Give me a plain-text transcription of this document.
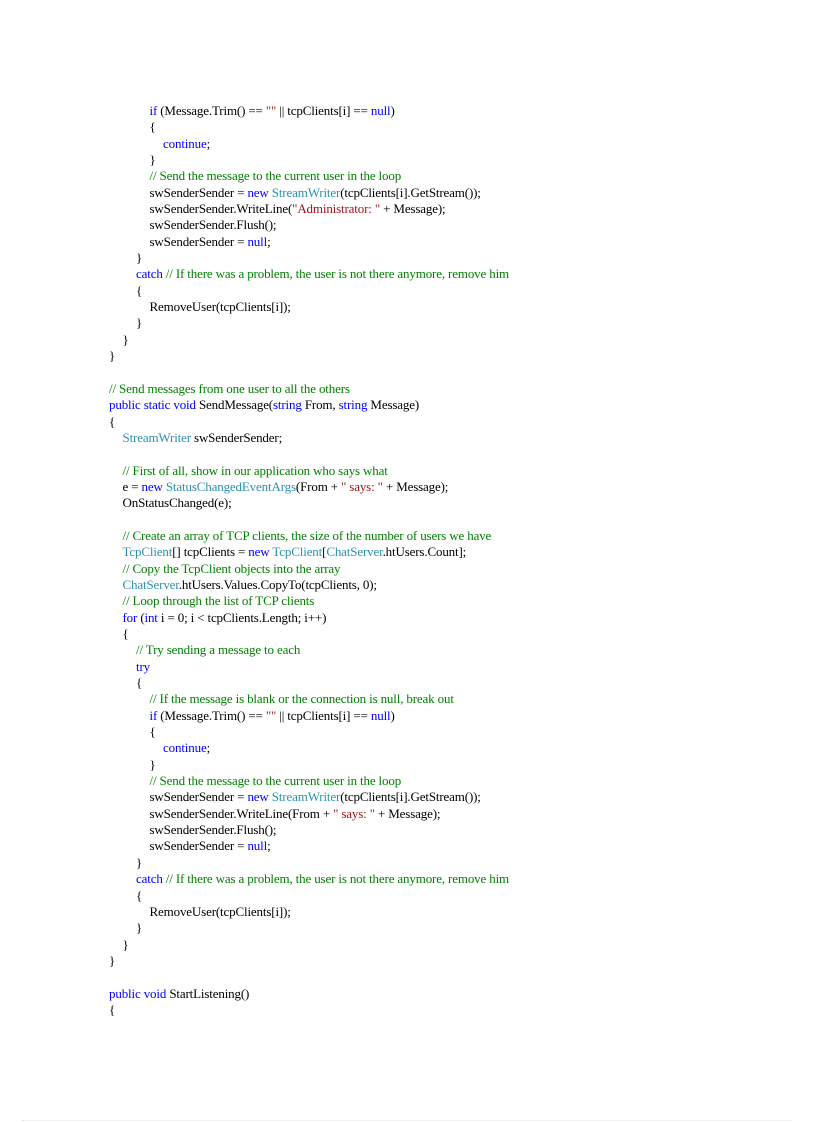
if (Message.Trim() == "" || tcpClients[i] == null)
{
continue;
}
// Send the message to the current user in the loop
swSenderSender = new StreamWriter(tcpClients[i].GetStream());
swSenderSender.WriteLine("Administrator: " + Message);
swSenderSender.Flush();
swSenderSender = null;
}
catch // If there was a problem, the user is not there anymore, remove him
{
RemoveUser(tcpClients[i]);
}
}
}
// Send messages from one user to all the others
public static void SendMessage(string From, string Message)
{
StreamWriter swSenderSender;
// First of all, show in our application who says what
e = new StatusChangedEventArgs(From + " says: " + Message);
OnStatusChanged(e);
// Create an array of TCP clients, the size of the number of users we have
TcpClient[] tcpClients = new TcpClient[ChatServer.htUsers.Count];
// Copy the TcpClient objects into the array
ChatServer.htUsers.Values.CopyTo(tcpClients, 0);
// Loop through the list of TCP clients
for (int i = 0; i < tcpClients.Length; i++)
{
// Try sending a message to each
try
{
// If the message is blank or the connection is null, break out
if (Message.Trim() == "" || tcpClients[i] == null)
{
continue;
}
// Send the message to the current user in the loop
swSenderSender = new StreamWriter(tcpClients[i].GetStream());
swSenderSender.WriteLine(From + " says: " + Message);
swSenderSender.Flush();
swSenderSender = null;
}
catch // If there was a problem, the user is not there anymore, remove him
{
RemoveUser(tcpClients[i]);
}
}
}
public void StartListening()
{
